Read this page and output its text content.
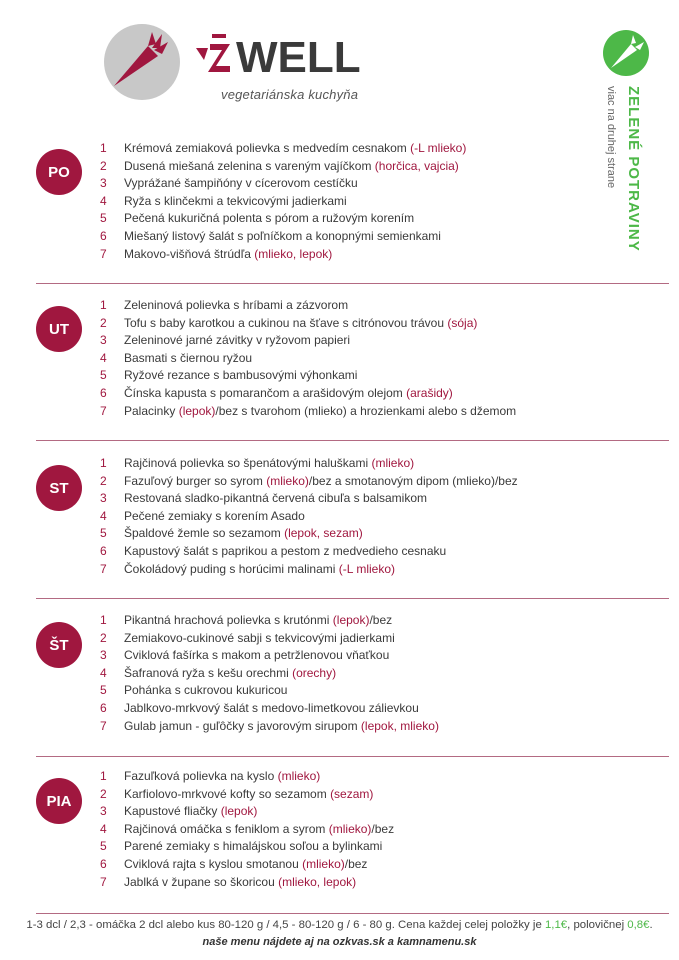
WELL
vegetariánska kuchyňa	ZELENÉ POTRAVINY
viac na druhej strane
PO
1 Krémová zemiaková polievka s medvedím cesnakom (-L mlieko)
2 Dusená miešaná zelenina s vareným vajíčkom (horčica, vajcia)
3 Vyprážané šampiňóny v cícerovom cestíčku
4 Ryža s klinčekmi a tekvicovými jadierkami
5 Pečená kukuričná polenta s pórom a ružovým korením
6 Miešaný listový šalát s poľníčkom a konopnými semienkami
7 Makovo-višňová štrúdľa (mlieko, lepok)
UT
1 Zeleninová polievka s hríbami a zázvorom
2 Tofu s baby karotkou a cukinou na šťave s citrónovou trávou (sója)
3 Zeleninové jarné závitky v ryžovom papieri
4 Basmati s čiernou ryžou
5 Ryžové rezance s bambusovými výhonkami
6 Čínska kapusta s pomarančom a arašidovým olejom (arašidy)
7 Palacinky (lepok)/bez s tvarohom (mlieko) a hrozienkami alebo s džemom
ST
1 Rajčinová polievka so špenátovými haluškami (mlieko)
2 Fazuľový burger so syrom (mlieko)/bez a smotanovým dipom (mlieko)/bez
3 Restovaná sladko-pikantná červená cibuľa s balsamikom
4 Pečené zemiaky s korením Asado
5 Špaldové žemle so sezamom (lepok, sezam)
6 Kapustový šalát s paprikou a pestom z medvedieho cesnaku
7 Čokoládový puding s horúcimi malinami (-L mlieko)
ŠT
1 Pikantná hrachová polievka s krutónmi (lepok)/bez
2 Zemiakovo-cukinové sabji s tekvicovými jadierkami
3 Cviklová fašírka s makom a petržlenovou vňaťkou
4 Šafranová ryža s kešu orechmi (orechy)
5 Pohánka s cukrovou kukuricou
6 Jablkovo-mrkvový šalát s medovo-limetkovou zálievkou
7 Gulab jamun - guľôčky s javorovým sirupom (lepok, mlieko)
PIA
1 Fazuľková polievka na kyslo (mlieko)
2 Karfiolovo-mrkvové kofty so sezamom (sezam)
3 Kapustové fliačky (lepok)
4 Rajčinová omáčka s feniklom a syrom (mlieko)/bez
5 Parené zemiaky s himalájskou soľou a bylinkami
6 Cviklová rajta s kyslou smotanou (mlieko)/bez
7 Jablká v župane so škoricou (mlieko, lepok)
1-3 dcl / 2,3 - omáčka 2 dcl alebo kus 80-120 g / 4,5 - 80-120 g / 6 - 80 g. Cena každej celej položky je 1,1€, polovičnej 0,8€.
naše menu nájdete aj na ozkvas.sk a kamnamenu.sk
